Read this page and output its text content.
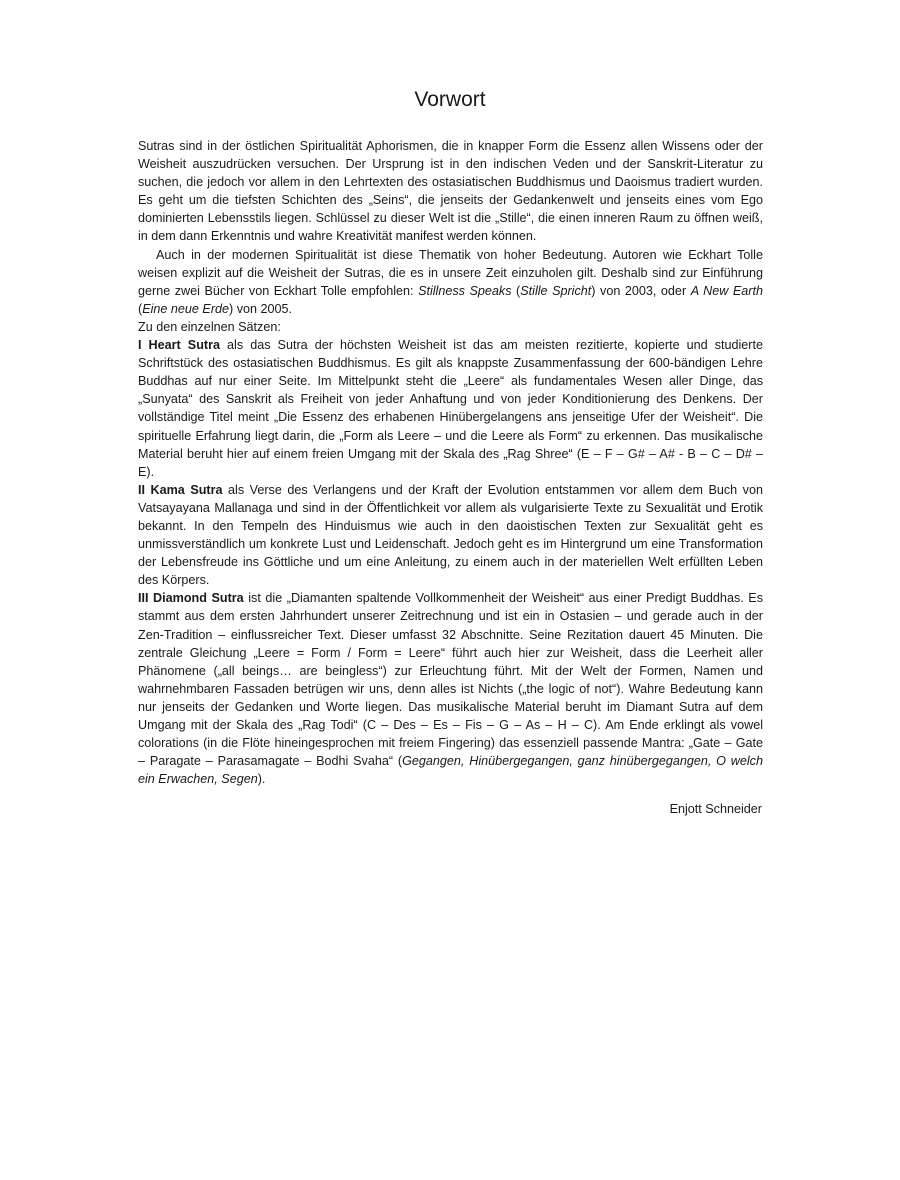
Vorwort

Sutras sind in der östlichen Spiritualität Aphorismen, die in knapper Form die Essenz allen Wissens oder der Weisheit auszudrücken versuchen. Der Ursprung ist in den indischen Veden und der Sanskrit-Literatur zu suchen, die jedoch vor allem in den Lehrtexten des ostasiatischen Buddhismus und Daoismus tradiert wurden. Es geht um die tiefsten Schichten des „Seins“, die jenseits der Gedankenwelt und jenseits eines vom Ego dominierten Lebensstils liegen. Schlüssel zu dieser Welt ist die „Stille“, die einen inneren Raum zu öffnen weiß, in dem dann Erkenntnis und wahre Kreativität manifest werden können.

Auch in der modernen Spiritualität ist diese Thematik von hoher Bedeutung. Autoren wie Eckhart Tolle weisen explizit auf die Weisheit der Sutras, die es in unsere Zeit einzuholen gilt. Deshalb sind zur Einführung gerne zwei Bücher von Eckhart Tolle empfohlen: Stillness Speaks (Stille Spricht) von 2003, oder A New Earth (Eine neue Erde) von 2005.

Zu den einzelnen Sätzen:

I Heart Sutra als das Sutra der höchsten Weisheit ist das am meisten rezitierte, kopierte und studierte Schriftstück des ostasiatischen Buddhismus. Es gilt als knappste Zusammenfassung der 600-bändigen Lehre Buddhas auf nur einer Seite. Im Mittelpunkt steht die „Leere“ als fundamentales Wesen aller Dinge, das „Sunyata“ des Sanskrit als Freiheit von jeder Anhaftung und von jeder Konditionierung des Denkens. Der vollständige Titel meint „Die Essenz des erhabenen Hinübergelangens ans jenseitige Ufer der Weisheit“. Die spirituelle Erfahrung liegt darin, die „Form als Leere – und die Leere als Form“ zu erkennen. Das musikalische Material beruht hier auf einem freien Umgang mit der Skala des „Rag Shree“ (E – F – G# – A# - B – C – D# – E).

II Kama Sutra als Verse des Verlangens und der Kraft der Evolution entstammen vor allem dem Buch von Vatsayayana Mallanaga und sind in der Öffentlichkeit vor allem als vulgarisierte Texte zu Sexualität und Erotik bekannt. In den Tempeln des Hinduismus wie auch in den daoistischen Texten zur Sexualität geht es unmissverständlich um konkrete Lust und Leidenschaft. Jedoch geht es im Hintergrund um eine Transformation der Lebensfreude ins Göttliche und um eine Anleitung, zu einem auch in der materiellen Welt erfüllten Leben des Körpers.

III Diamond Sutra ist die „Diamanten spaltende Vollkommenheit der Weisheit“ aus einer Predigt Buddhas. Es stammt aus dem ersten Jahrhundert unserer Zeitrechnung und ist ein in Ostasien – und gerade auch in der Zen-Tradition – einflussreicher Text. Dieser umfasst 32 Abschnitte. Seine Rezitation dauert 45 Minuten. Die zentrale Gleichung „Leere = Form / Form = Leere“ führt auch hier zur Weisheit, dass die Leerheit aller Phänomene („all beings… are beingless“) zur Erleuchtung führt. Mit der Welt der Formen, Namen und wahrnehmbaren Fassaden betrügen wir uns, denn alles ist Nichts („the logic of not“). Wahre Bedeutung kann nur jenseits der Gedanken und Worte liegen. Das musikalische Material beruht im Diamant Sutra auf dem Umgang mit der Skala des „Rag Todi“ (C – Des – Es – Fis – G – As – H – C). Am Ende erklingt als vowel colorations (in die Flöte hineingesprochen mit freiem Fingering) das essenziell passende Mantra: „Gate – Gate – Paragate – Parasamagate – Bodhi Svaha“ (Gegangen, Hinübergegangen, ganz hinübergegangen, O welch ein Erwachen, Segen).

Enjott Schneider
